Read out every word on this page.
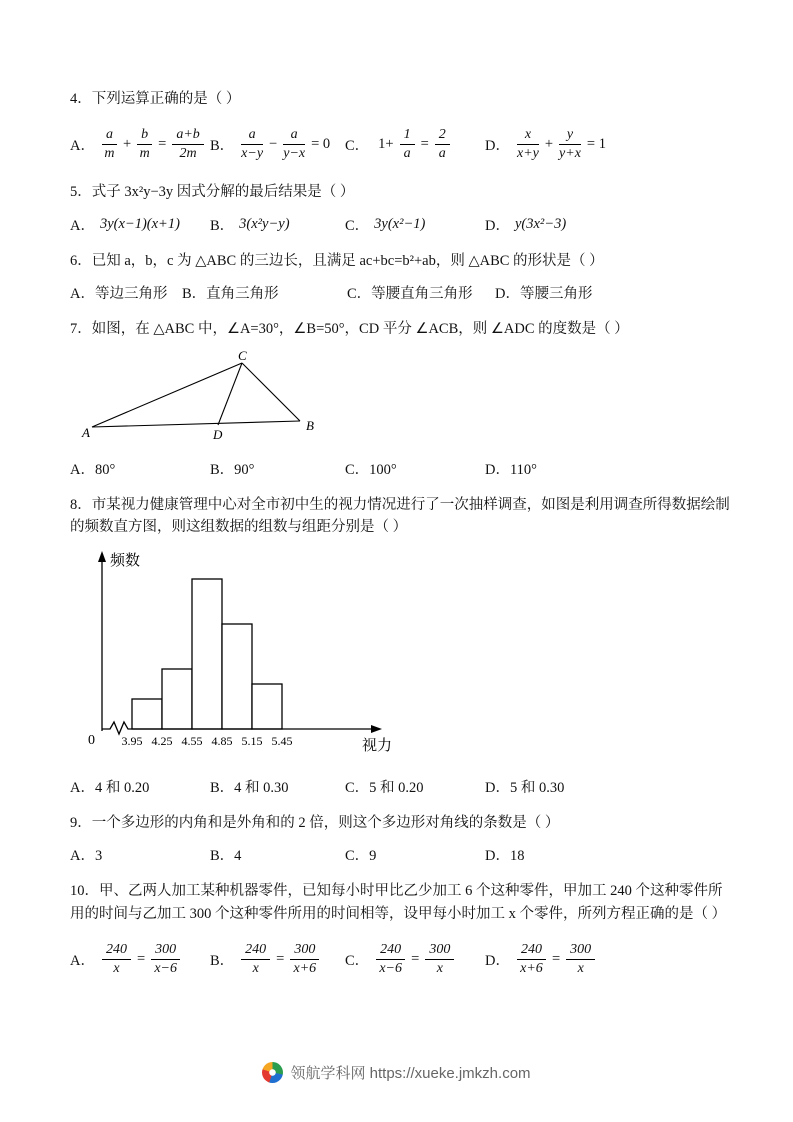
4．下列运算正确的是（ ）
A． $\frac{a}{m} + \frac{b}{m} = \frac{a+b}{2m}$ B． $\frac{a}{x-y} - \frac{a}{y-x} = 0$ C． $1+ \frac{1}{a} = \frac{2}{a}$ D． $\frac{x}{x+y} + \frac{y}{y+x} = 1$
5．式子 3x²y−3y 因式分解的最后结果是（ ）
A． 3y(x−1)(x+1) B． 3(x²y−y)	C． 3y(x²−1)	D． y(3x²−3)
6．已知 a，b，c 为 △ABC 的三边长，且满足 ac+bc=b²+ab，则 △ABC 的形状是（ ）
A．等边三角形	B．直角三角形	C．等腰直角三角形	D．等腰三角形
7．如图，在 △ABC 中，∠A=30°，∠B=50°，CD 平分 ∠ACB，则 ∠ADC 的度数是（ ）
A	B
C
D
A．80°	B．90°	C．100°	D．110°
8．市某视力健康管理中心对全市初中生的视力情况进行了一次抽样调查，如图是利用调查所得数据绘制的频数直方图，则这组数据的组数与组距分别是（ ）
频数
视力
0 3.95 4.25 4.55 4.85 5.15 5.45
A．4 和 0.20	B．4 和 0.30	C．5 和 0.20	D．5 和 0.30
9．一个多边形的内角和是外角和的 2 倍，则这个多边形对角线的条数是（ ）
A．3	B．4	C．9	D．18
10．甲、乙两人加工某种机器零件，已知每小时甲比乙少加工 6 个这种零件，甲加工 240 个这种零件所用的时间与乙加工 300 个这种零件所用的时间相等，设甲每小时加工 x 个零件，所列方程正确的是（ ）
A． $\frac{240}{x} = \frac{300}{x-6}$ B． $\frac{240}{x} = \frac{300}{x+6}$ C． $\frac{240}{x-6} = \frac{300}{x}$ D． $\frac{240}{x+6} = \frac{300}{x}$
领航学科网 https://xueke.jmkzh.com
